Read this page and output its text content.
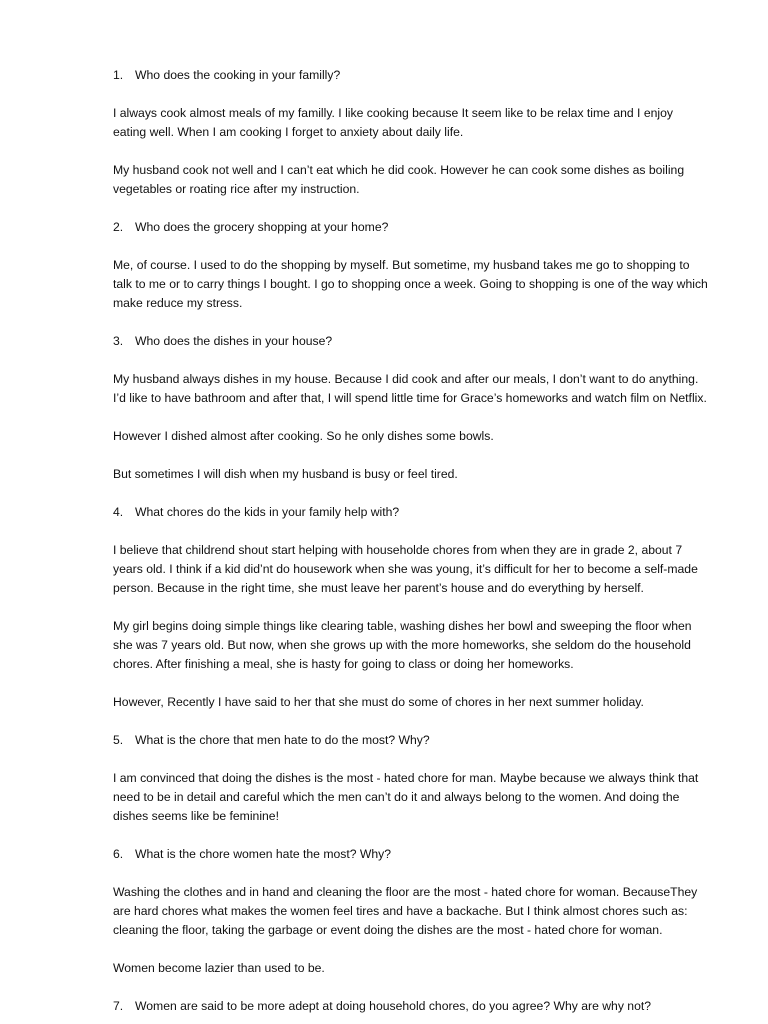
1. Who does the cooking in your familly?

I always cook almost meals of my familly. I like cooking because It seem like to be relax time and I enjoy eating well. When I am cooking I forget to anxiety about daily life.

My husband cook not well and I can’t eat which he did cook. However he can cook some dishes as boiling vegetables or roating rice after my instruction.

2. Who does the grocery shopping at your home?

Me, of course. I used to do the shopping by myself. But sometime, my husband takes me go to shopping to talk to me or to carry things I bought. I go to shopping once a week. Going to shopping is one of the way which make reduce my stress.

3. Who does the dishes in your house?

My husband always dishes in my house. Because I did cook and after our meals, I don’t want to do anything. I’d like to have bathroom and after that, I will spend little time for Grace’s homeworks and watch film on Netflix.

However I dished almost after cooking. So he only dishes some bowls.

But sometimes I will dish when my husband is busy or feel tired.

4. What chores do the kids in your family help with?

I believe that childrend shout start helping with householde chores from when they are in grade 2, about 7 years old. I think if a kid did’nt do housework when she was young, it’s difficult for her to become a self-made person. Because in the right time, she must leave her parent’s house and do everything by herself.

My girl begins doing simple things like clearing table, washing dishes her bowl and sweeping the floor when she was 7 years old. But now, when she grows up with the more homeworks, she seldom do the household chores. After finishing a meal, she is hasty for going to class or doing her homeworks.

However, Recently I have said to her that she must do some of chores in her next summer holiday.

5. What is the chore that men hate to do the most? Why?

I am convinced that doing the dishes is the most - hated chore for man. Maybe because we always think that need to be in detail and careful which the men can’t do it and always belong to the women. And doing the dishes seems like be feminine!

6. What is the chore women hate the most? Why?

Washing the clothes and in hand and cleaning the floor are the most - hated chore for woman. BecauseThey are hard chores what makes the women feel tires and have a backache. But I think almost chores such as: cleaning the floor, taking the garbage or event doing the dishes are the most - hated chore for woman.

Women become lazier than used to be.

7. Women are said to be more adept at doing household chores, do you agree? Why are why not?
